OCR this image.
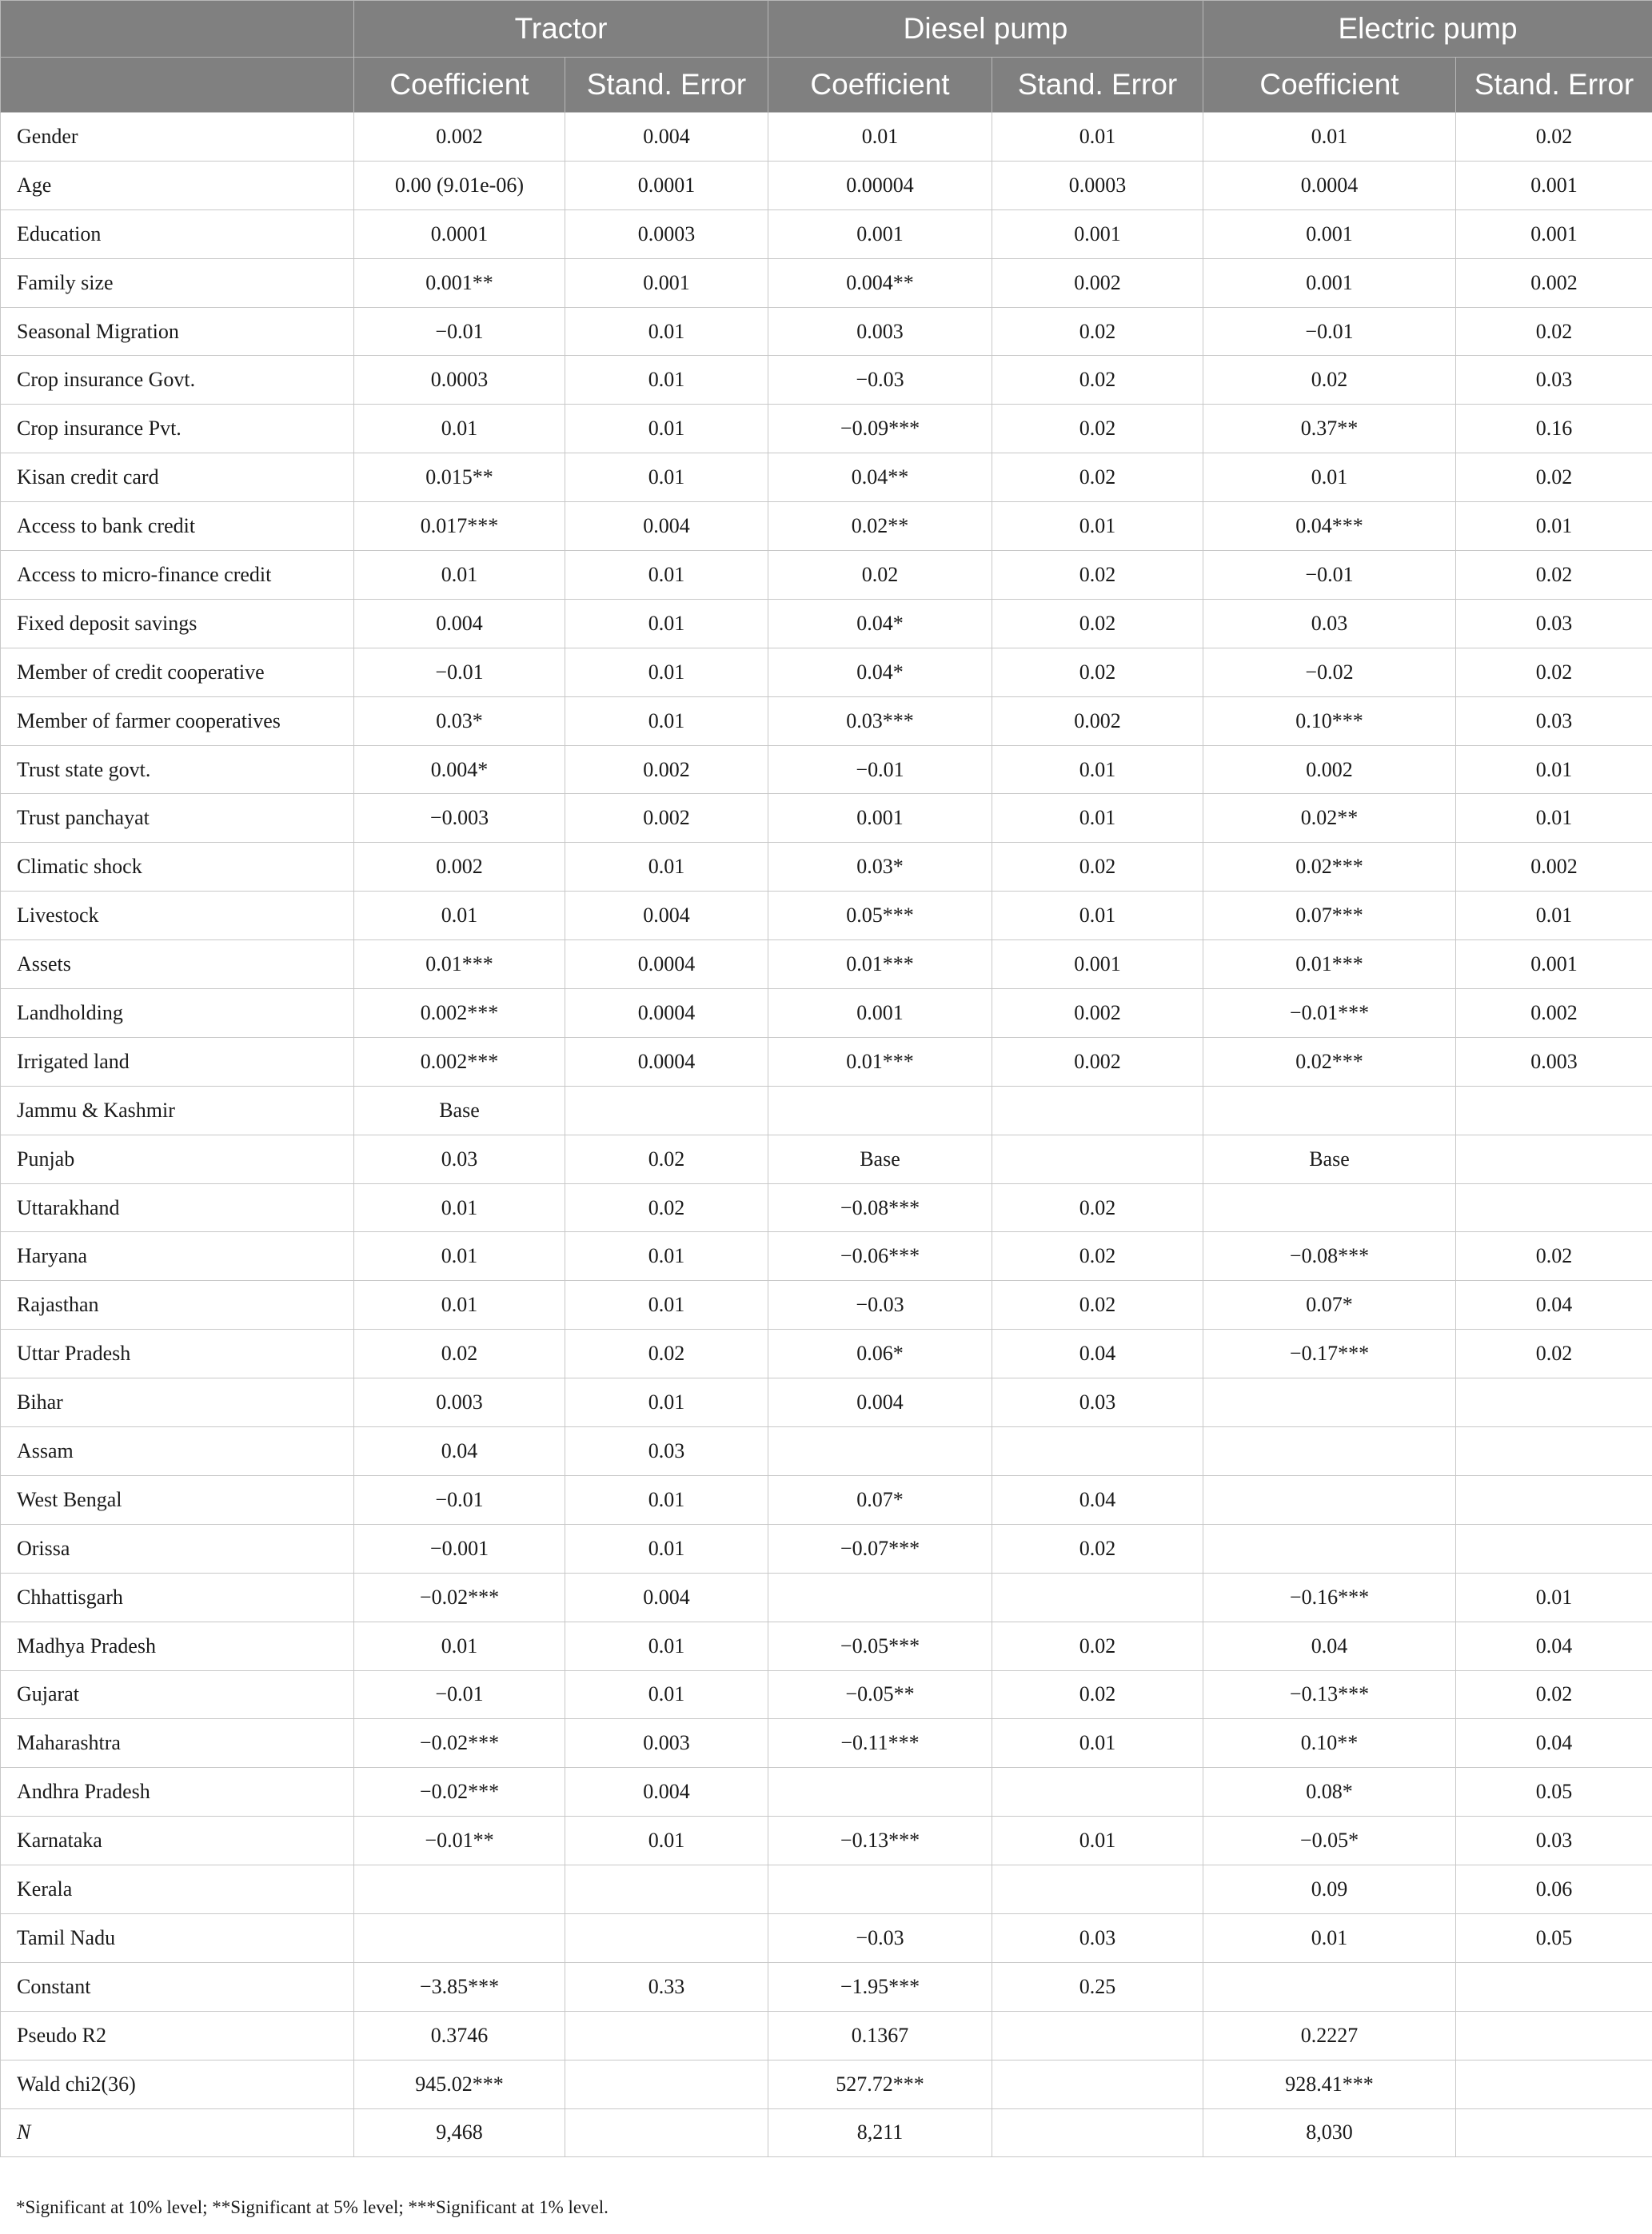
	Tractor		Diesel pump		Electric pump	
	Coefficient	Stand. Error	Coefficient	Stand. Error	Coefficient	Stand. Error
Gender	0.002	0.004	0.01	0.01	0.01	0.02
Age	0.00 (9.01e-06)	0.0001	0.00004	0.0003	0.0004	0.001
Education	0.0001	0.0003	0.001	0.001	0.001	0.001
Family size	0.001**	0.001	0.004**	0.002	0.001	0.002
Seasonal Migration	−0.01	0.01	0.003	0.02	−0.01	0.02
Crop insurance Govt.	0.0003	0.01	−0.03	0.02	0.02	0.03
Crop insurance Pvt.	0.01	0.01	−0.09***	0.02	0.37**	0.16
Kisan credit card	0.015**	0.01	0.04**	0.02	0.01	0.02
Access to bank credit	0.017***	0.004	0.02**	0.01	0.04***	0.01
Access to micro-finance credit	0.01	0.01	0.02	0.02	−0.01	0.02
Fixed deposit savings	0.004	0.01	0.04*	0.02	0.03	0.03
Member of credit cooperative	−0.01	0.01	0.04*	0.02	−0.02	0.02
Member of farmer cooperatives	0.03*	0.01	0.03***	0.002	0.10***	0.03
Trust state govt.	0.004*	0.002	−0.01	0.01	0.002	0.01
Trust panchayat	−0.003	0.002	0.001	0.01	0.02**	0.01
Climatic shock	0.002	0.01	0.03*	0.02	0.02***	0.002
Livestock	0.01	0.004	0.05***	0.01	0.07***	0.01
Assets	0.01***	0.0004	0.01***	0.001	0.01***	0.001
Landholding	0.002***	0.0004	0.001	0.002	−0.01***	0.002
Irrigated land	0.002***	0.0004	0.01***	0.002	0.02***	0.003
Jammu & Kashmir	Base					
Punjab	0.03	0.02	Base		Base	
Uttarakhand	0.01	0.02	−0.08***	0.02		
Haryana	0.01	0.01	−0.06***	0.02	−0.08***	0.02
Rajasthan	0.01	0.01	−0.03	0.02	0.07*	0.04
Uttar Pradesh	0.02	0.02	0.06*	0.04	−0.17***	0.02
Bihar	0.003	0.01	0.004	0.03		
Assam	0.04	0.03				
West Bengal	−0.01	0.01	0.07*	0.04		
Orissa	−0.001	0.01	−0.07***	0.02		
Chhattisgarh	−0.02***	0.004			−0.16***	0.01
Madhya Pradesh	0.01	0.01	−0.05***	0.02	0.04	0.04
Gujarat	−0.01	0.01	−0.05**	0.02	−0.13***	0.02
Maharashtra	−0.02***	0.003	−0.11***	0.01	0.10**	0.04
Andhra Pradesh	−0.02***	0.004			0.08*	0.05
Karnataka	−0.01**	0.01	−0.13***	0.01	−0.05*	0.03
Kerala					0.09	0.06
Tamil Nadu			−0.03	0.03	0.01	0.05
Constant	−3.85***	0.33	−1.95***	0.25		
Pseudo R2	0.3746		0.1367		0.2227	
Wald chi2(36)	945.02***		527.72***		928.41***	
N	9,468		8,211		8,030	
*Significant at 10% level; **Significant at 5% level; ***Significant at 1% level.
